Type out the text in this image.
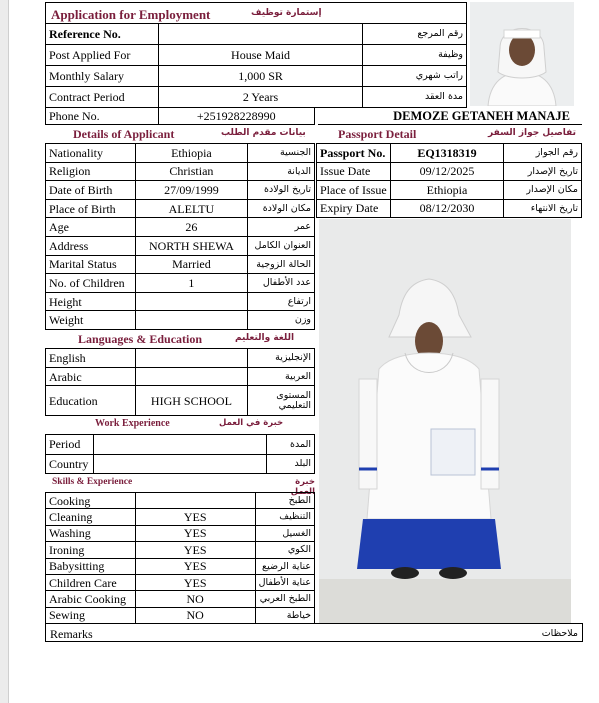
Application for Employment	إستمارة توظيف
Reference No.		رقم المرجع
Post Applied For	House Maid	وظيفة
Monthly Salary	1,000 SR	راتب شهري
Contract Period	2 Years	مدة العقد
Phone No.	+251928228990	DEMOZE GETANEH MANAJE
Details of Applicant	بيانات مقدم الطلب	Passport Detail	تفاصيل جواز السفر
Nationality	Ethiopia	الجنسية
Religion	Christian	الديانة
Date of Birth	27/09/1999	تاريخ الولادة
Place of Birth	ALELTU	مكان الولادة
Age	26	عمر
Address	NORTH SHEWA	العنوان الكامل
Marital Status	Married	الحالة الزوجية
No. of Children	1	عدد الأطفال
Height		ارتفاع
Weight		وزن
Passport No.	EQ1318319	رقم الجواز
Issue Date	09/12/2025	تاريخ الإصدار
Place of Issue	Ethiopia	مكان الإصدار
Expiry Date	08/12/2030	تاريخ الانتهاء
Languages & Education	اللغة والتعليم
English		الإنجليزية
Arabic		العربية
Education	HIGH SCHOOL	المستوى التعليمي
Work Experience	خبرة في العمل
Period		المدة
Country		البلد
Skills & Experience	خبرة العمل
Cooking		الطبخ
Cleaning	YES	التنظيف
Washing	YES	الغسيل
Ironing	YES	الكوي
Babysitting	YES	عناية الرضيع
Children Care	YES	عناية الأطفال
Arabic Cooking	NO	الطبخ العربي
Sewing	NO	خياطة
Remarks	ملاحظات
